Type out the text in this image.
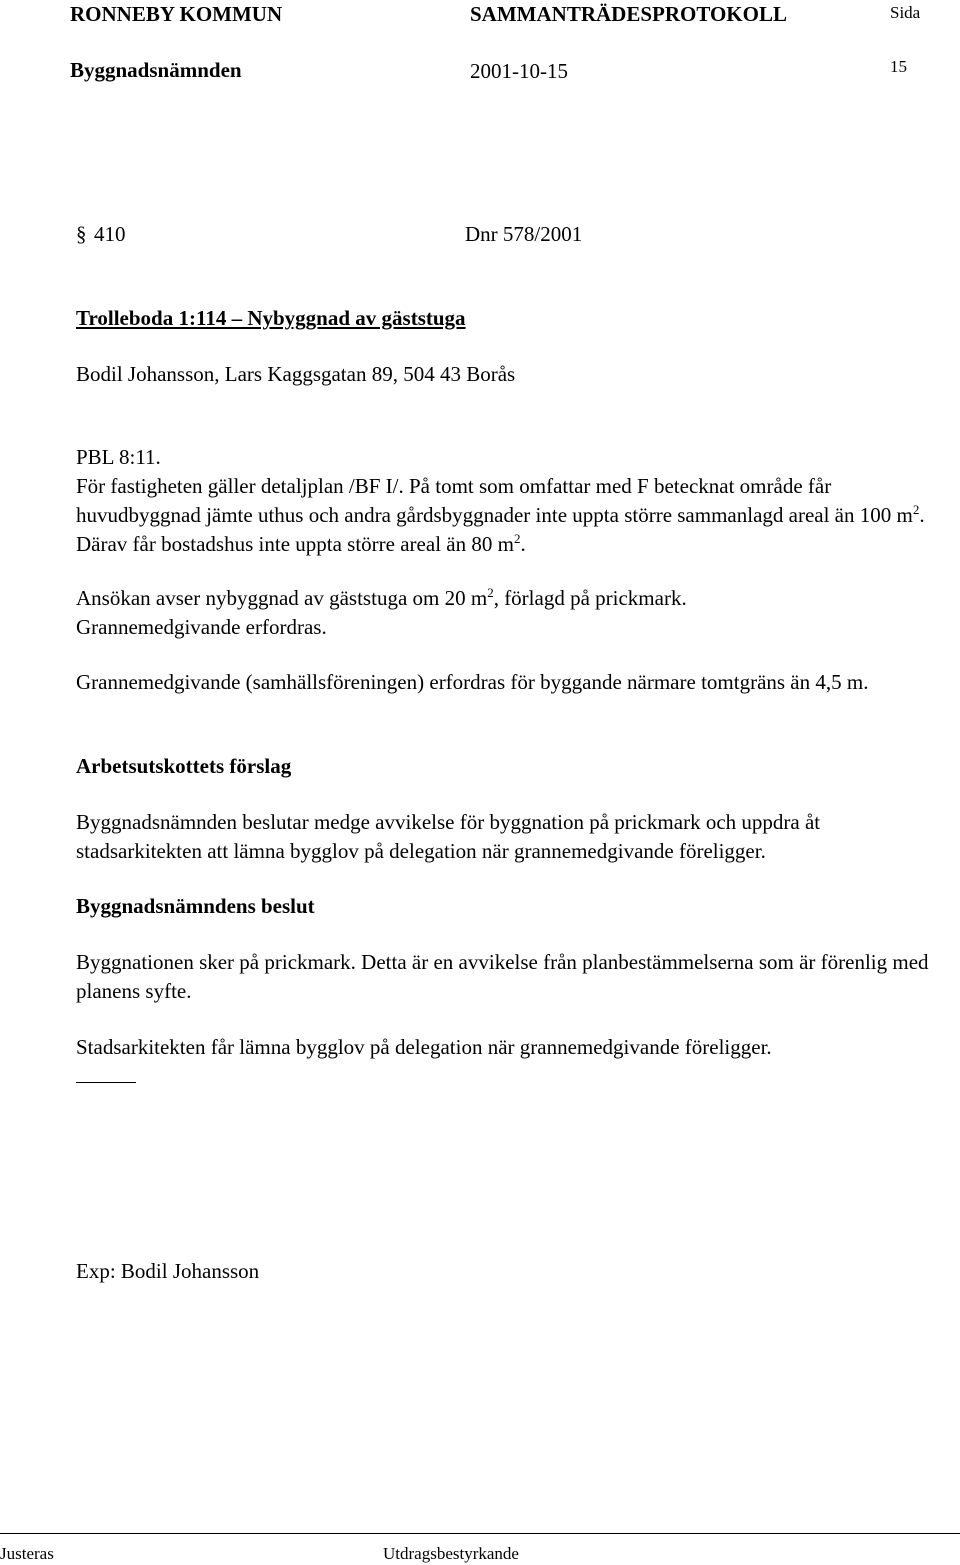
RONNEBY KOMMUN	SAMMANTRÄDESPROTOKOLL	Sida
Byggnadsnämnden	2001-10-15	15
§ 410	Dnr 578/2001
Trolleboda 1:114 – Nybyggnad av gäststuga
Bodil Johansson, Lars Kaggsgatan 89, 504 43 Borås
PBL 8:11.
För fastigheten gäller detaljplan /BF I/. På tomt som omfattar med F betecknat område får huvudbyggnad jämte uthus och andra gårdsbyggnader inte uppta större sammanlagd areal än 100 $m^2$. Därav får bostadshus inte uppta större areal än 80 $m^2$.
Ansökan avser nybyggnad av gäststuga om 20 $m^2$, förlagd på prickmark.
Grannemedgivande erfordras.
Grannemedgivande (samhällsföreningen) erfordras för byggande närmare tomtgräns än 4,5 m.
Arbetsutskottets förslag
Byggnadsnämnden beslutar medge avvikelse för byggnation på prickmark och uppdra åt stadsarkitekten att lämna bygglov på delegation när grannemedgivande föreligger.
Byggnadsnämndens beslut
Byggnationen sker på prickmark. Detta är en avvikelse från planbestämmelserna som är förenlig med planens syfte.
Stadsarkitekten får lämna bygglov på delegation när grannemedgivande föreligger.
Exp: Bodil Johansson
Justeras	Utdragsbestyrkande
